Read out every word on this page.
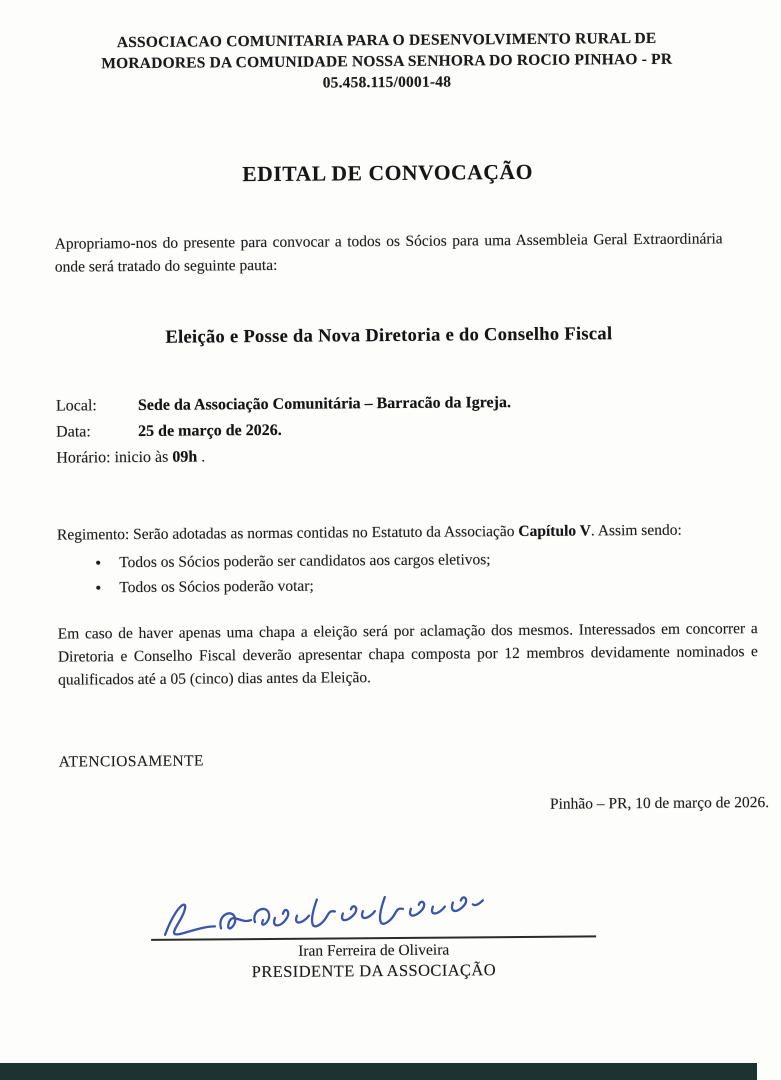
ASSOCIACAO COMUNITARIA PARA O DESENVOLVIMENTO RURAL DE
MORADORES DA COMUNIDADE NOSSA SENHORA DO ROCIO PINHAO - PR
05.458.115/0001-48
EDITAL DE CONVOCAÇÃO

Apropriamo-nos do presente para convocar a todos os Sócios para uma Assembleia Geral Extraordinária onde será tratado do seguinte pauta:

Eleição e Posse da Nova Diretoria e do Conselho Fiscal
Local:	Sede da Associação Comunitária – Barracão da Igreja.
Data:	25 de março de 2026.
Horário: inicio às 09h .

Regimento: Serão adotadas as normas contidas no Estatuto da Associação Capítulo V. Assim sendo:

• Todos os Sócios poderão ser candidatos aos cargos eletivos;
• Todos os Sócios poderão votar;

Em caso de haver apenas uma chapa a eleição será por aclamação dos mesmos. Interessados em concorrer a Diretoria e Conselho Fiscal deverão apresentar chapa composta por 12 membros devidamente nominados e qualificados até a 05 (cinco) dias antes da Eleição.

ATENCIOSAMENTE
Pinhão – PR, 10 de março de 2026.
Iran Ferreira de Oliveira
PRESIDENTE DA ASSOCIAÇÃO
